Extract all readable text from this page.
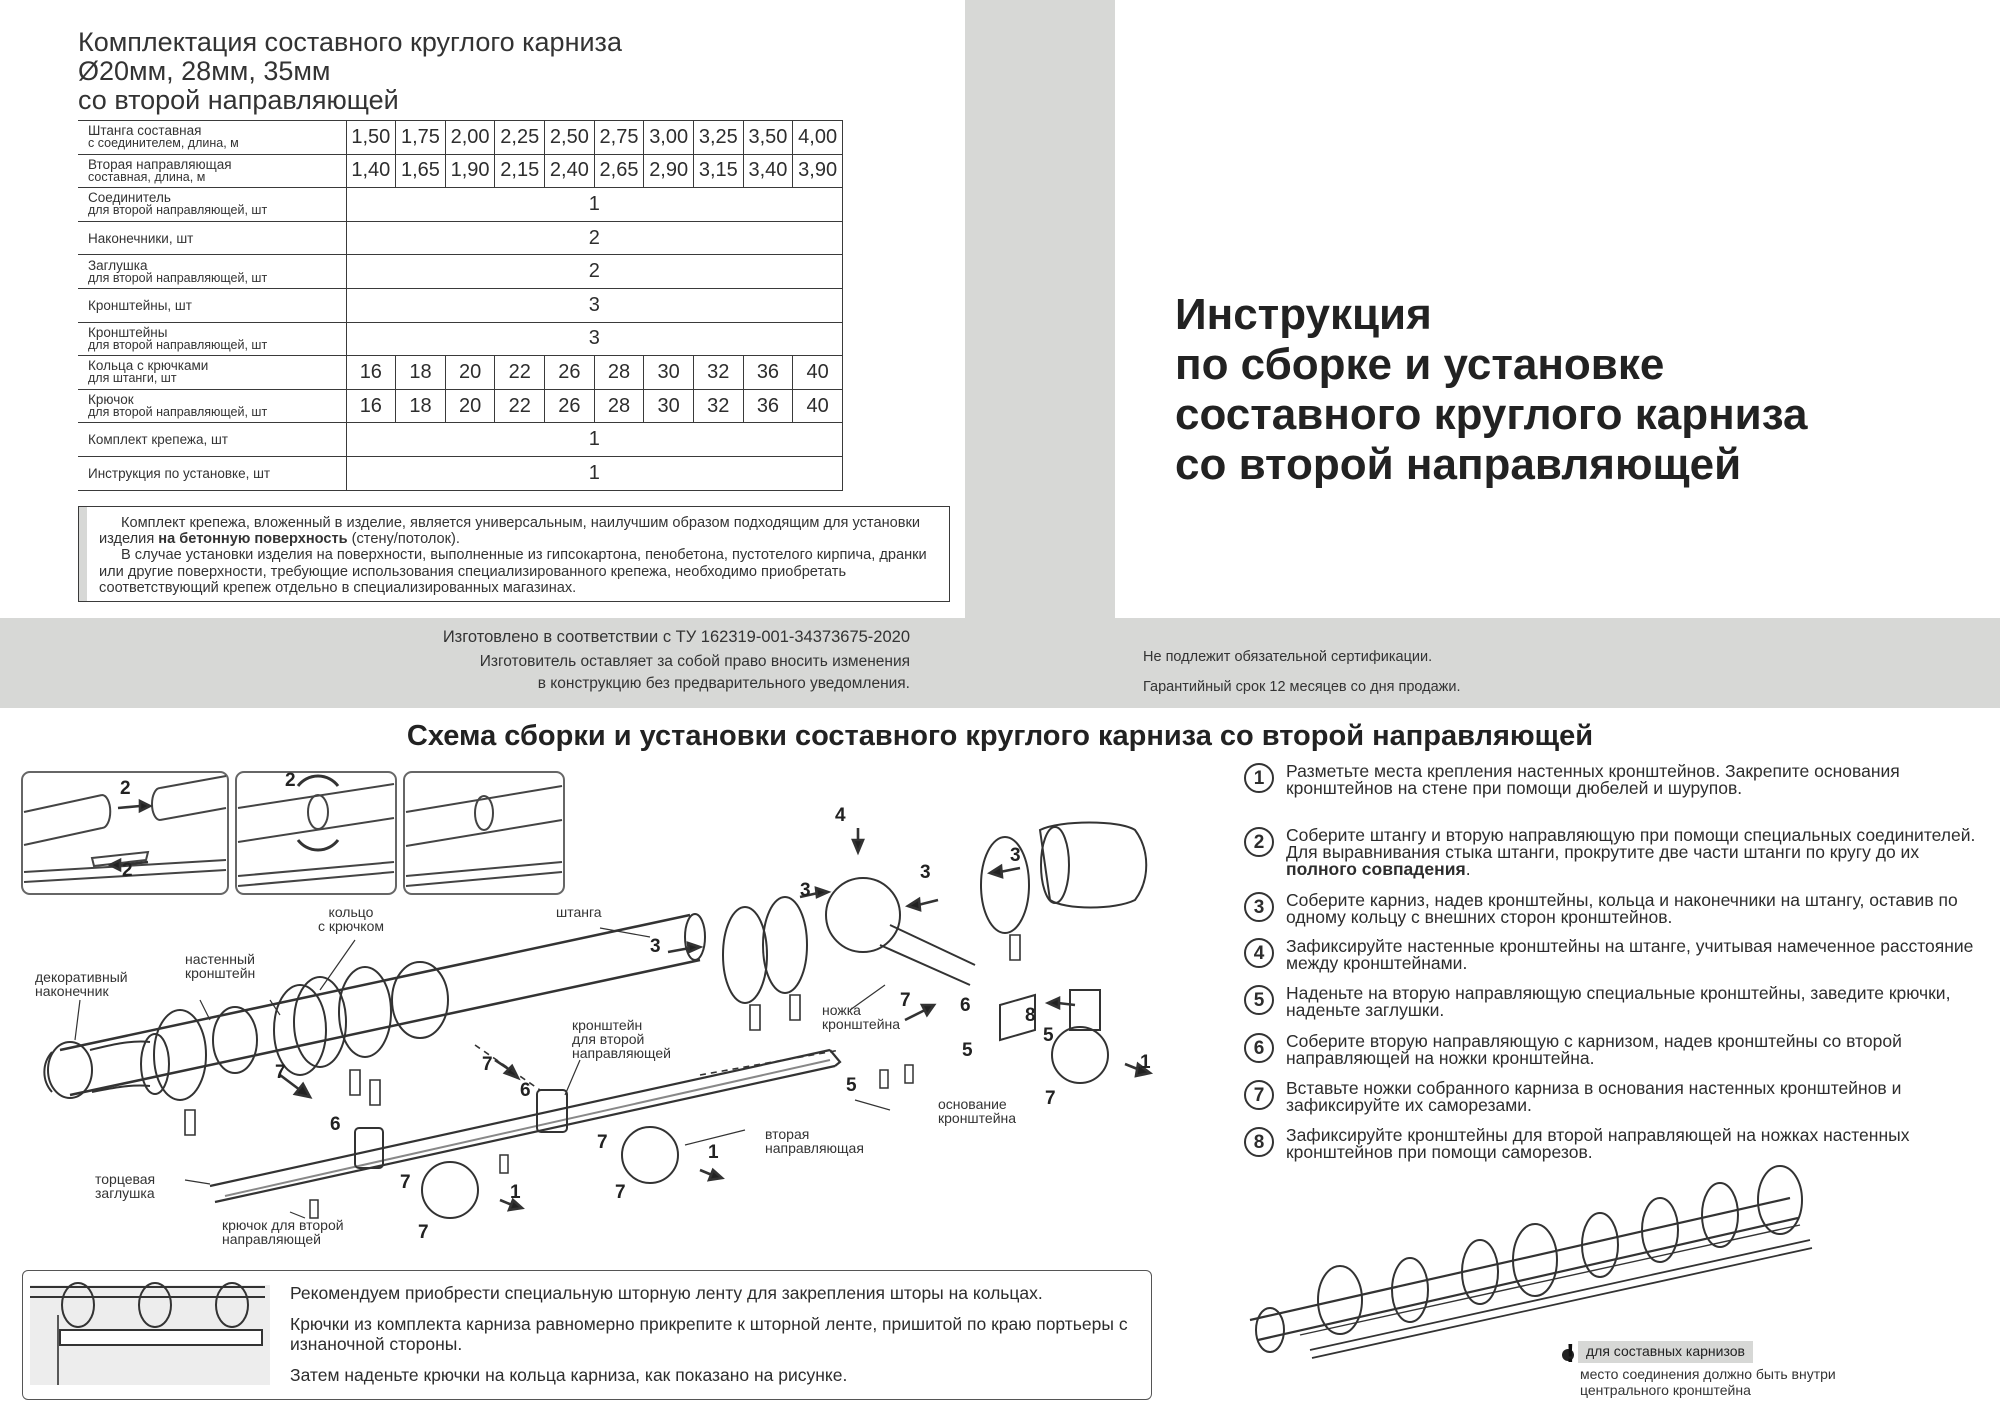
Комплектация составного круглого карниза
Ø20мм, 28мм, 35мм
со второй направляющей
Штанга составная
с соединителем, длина, м	1,50	1,75	2,00	2,25	2,50	2,75	3,00	3,25	3,50	4,00
Вторая направляющая
составная, длина, м	1,40	1,65	1,90	2,15	2,40	2,65	2,90	3,15	3,40	3,90
Соединитель
для второй направляющей, шт	1									
Наконечники, шт	2									
Заглушка
для второй направляющей, шт	2									
Кронштейны, шт	3									
Кронштейны
для второй направляющей, шт	3									
Кольца с крючками
для штанги, шт	16	18	20	22	26	28	30	32	36	40
Крючок
для второй направляющей, шт	16	18	20	22	26	28	30	32	36	40
Комплект крепежа, шт	1									
Инструкция по установке, шт	1									

Комплект крепежа, вложенный в изделие, является универсальным, наилучшим образом подходящим для установки изделия на бетонную поверхность (стену/потолок).

В случае установки изделия на поверхности, выполненные из гипсокартона, пенобетона, пустотелого кирпича, дранки или другие поверхности, требующие использования специализированного крепежа, необходимо приобретать соответствующий крепеж отдельно в специализированных магазинах.

Инструкция
по сборке и установке
составного круглого карниза
со второй направляющей
Изготовлено в соответствии с ТУ 162319-001-34373675-2020
Изготовитель оставляет за собой право вносить изменения
в конструкцию без предварительного уведомления.
Не подлежит обязательной сертификации.
Гарантийный срок 12 месяцев со дня продажи.
Схема сборки и установки составного круглого карниза со второй направляющей
2
2
2
3
3
3
3
4
7	6	8
5
5
5
1
7
7
6
7
6
7	1
7
7	1
7
кольцо
с крючком
штанга
настенный
кронштейн
декоративный
наконечник
кронштейн
для второй
направляющей
ножка
кронштейна
основание
кронштейна
вторая
направляющая
торцевая
заглушка
крючок для второй
направляющей
1	Разметьте места крепления настенных кронштейнов. Закрепите основания кронштейнов на стене при помощи дюбелей и шурупов.
2	Соберите штангу и вторую направляющую при помощи специальных соединителей. Для выравнивания стыка штанги, прокрутите две части штанги по кругу до их полного совпадения.
3	Соберите карниз, надев кронштейны, кольца и наконечники на штангу, оставив по одному кольцу с внешних сторон кронштейнов.
4	Зафиксируйте настенные кронштейны на штанге, учитывая намеченное расстояние между кронштейнами.
5	Наденьте на вторую направляющую специальные кронштейны, заведите крючки, наденьте заглушки.
6	Соберите вторую направляющую с карнизом, надев кронштейны со второй направляющей на ножки кронштейна.
7	Вставьте ножки собранного карниза в основания настенных кронштейнов и зафиксируйте их саморезами.
8	Зафиксируйте кронштейны для второй направляющей на ножках настенных кронштейнов при помощи саморезов.
! для составных карнизов
место соединения должно быть внутри
центрального кронштейна

Рекомендуем приобрести специальную шторную ленту для закрепления шторы на кольцах.

Крючки из комплекта карниза равномерно прикрепите к шторной ленте, пришитой по краю портьеры с изнаночной стороны.

Затем наденьте крючки на кольца карниза, как показано на рисунке.
